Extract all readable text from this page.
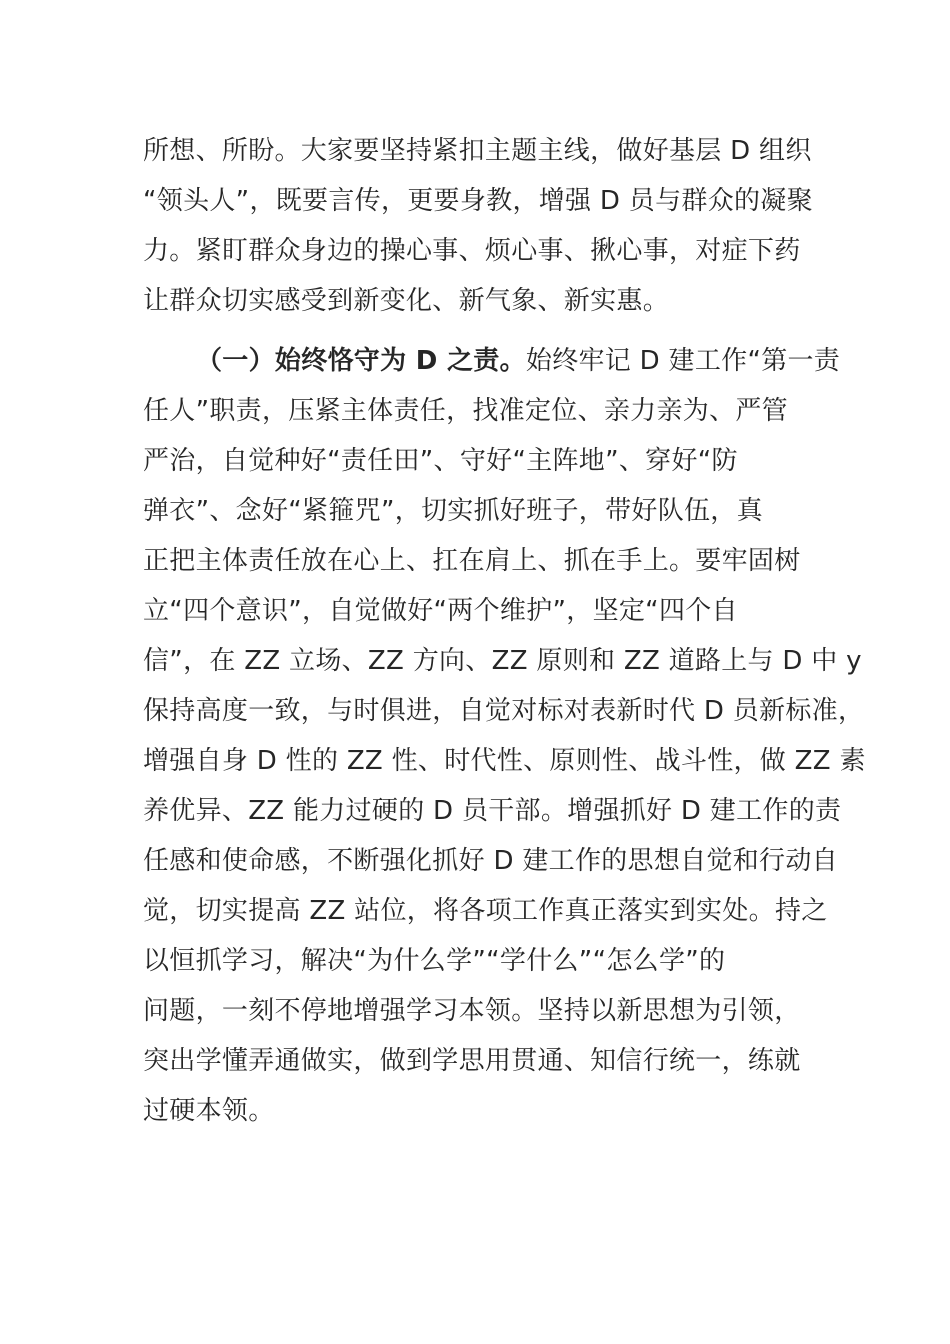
所想、所盼。大家要坚持紧扣主题主线，做好基层 D 组织
“领头人”，既要言传，更要身教，增强 D 员与群众的凝聚
力。紧盯群众身边的操心事、烦心事、揪心事，对症下药
让群众切实感受到新变化、新气象、新实惠。
（一）始终恪守为 D 之责。始终牢记 D 建工作“第一责
任人”职责，压紧主体责任，找准定位、亲力亲为、严管
严治，自觉种好“责任田”、守好“主阵地”、穿好“防
弹衣”、念好“紧箍咒”，切实抓好班子，带好队伍，真
正把主体责任放在心上、扛在肩上、抓在手上。要牢固树
立“四个意识”，自觉做好“两个维护”，坚定“四个自
信”，在 ZZ 立场、ZZ 方向、ZZ 原则和 ZZ 道路上与 D 中 y
保持高度一致，与时俱进，自觉对标对表新时代 D 员新标准，
增强自身 D 性的 ZZ 性、时代性、原则性、战斗性，做 ZZ 素
养优异、ZZ 能力过硬的 D 员干部。增强抓好 D 建工作的责
任感和使命感，不断强化抓好 D 建工作的思想自觉和行动自
觉，切实提高 ZZ 站位，将各项工作真正落实到实处。持之
以恒抓学习，解决“为什么学”“学什么”“怎么学”的
问题，一刻不停地增强学习本领。坚持以新思想为引领，
突出学懂弄通做实，做到学思用贯通、知信行统一，练就
过硬本领。
